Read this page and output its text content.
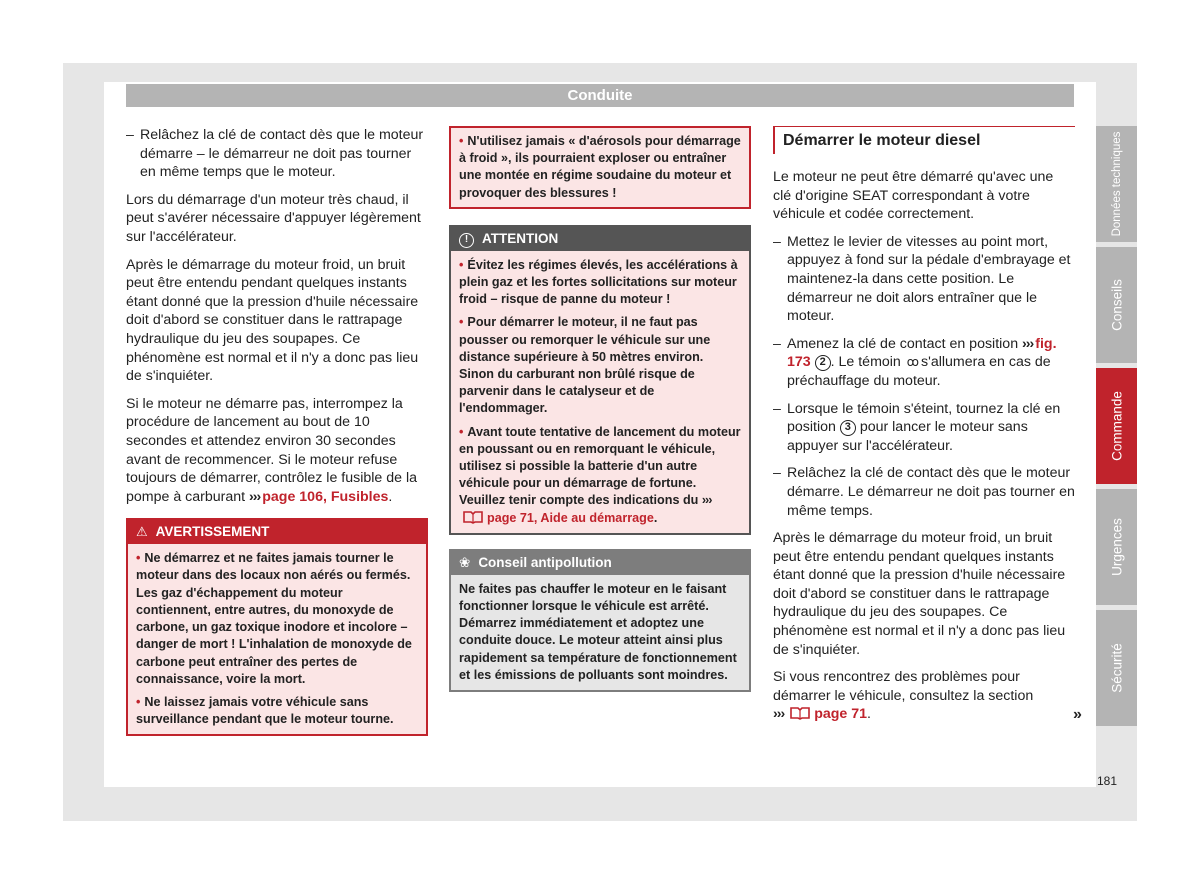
Conduite
– Relâchez la clé de contact dès que le moteur démarre – le démarreur ne doit pas tourner en même temps que le moteur.

Lors du démarrage d'un moteur très chaud, il peut s'avérer nécessaire d'appuyer légèrement sur l'accélérateur.

Après le démarrage du moteur froid, un bruit peut être entendu pendant quelques instants étant donné que la pression d'huile nécessaire doit d'abord se constituer dans le rattrapage hydraulique du jeu des soupapes. Ce phénomène est normal et il n'y a donc pas lieu de s'inquiéter.

Si le moteur ne démarre pas, interrompez la procédure de lancement au bout de 10 secondes et attendez environ 30 secondes avant de recommencer. Si le moteur refuse toujours de démarrer, contrôlez le fusible de la pompe à carburant ››› page 106, Fusibles.

⚠ AVERTISSEMENT

• Ne démarrez et ne faites jamais tourner le moteur dans des locaux non aérés ou fermés. Les gaz d'échappement du moteur contiennent, entre autres, du monoxyde de carbone, un gaz toxique inodore et incolore – danger de mort ! L'inhalation de monoxyde de carbone peut entraîner des pertes de connaissance, voire la mort.

• Ne laissez jamais votre véhicule sans surveillance pendant que le moteur tourne.

• N'utilisez jamais « d'aérosols pour démarrage à froid », ils pourraient exploser ou entraîner une montée en régime soudaine du moteur et provoquer des blessures !
! ATTENTION

• Évitez les régimes élevés, les accélérations à plein gaz et les fortes sollicitations sur moteur froid – risque de panne du moteur !

• Pour démarrer le moteur, il ne faut pas pousser ou remorquer le véhicule sur une distance supérieure à 50 mètres environ. Sinon du carburant non brûlé risque de parvenir dans le catalyseur et de l'endommager.

• Avant toute tentative de lancement du moteur en poussant ou en remorquant le véhicule, utilisez si possible la batterie d'un autre véhicule pour un démarrage de fortune. Veuillez tenir compte des indications du ›››page 71, Aide au démarrage.

❀ Conseil antipollution
Ne faites pas chauffer le moteur en le faisant fonctionner lorsque le véhicule est arrêté. Démarrez immédiatement et adoptez une conduite douce. Le moteur atteint ainsi plus rapidement sa température de fonctionnement et les émissions de polluants sont moindres.
Démarrer le moteur diesel

Le moteur ne peut être démarré qu'avec une clé d'origine SEAT correspondant à votre véhicule et codée correctement.

– Mettez le levier de vitesses au point mort, appuyez à fond sur la pédale d'embrayage et maintenez-la dans cette position. Le démarreur ne doit alors entraîner que le moteur.
– Amenez la clé de contact en position ››› fig. 173 2 . Le témoin ꝏ s'allumera en cas de préchauffage du moteur.
– Lorsque le témoin s'éteint, tournez la clé en position 3 pour lancer le moteur sans appuyer sur l'accélérateur.
– Relâchez la clé de contact dès que le moteur démarre. Le démarreur ne doit pas tourner en même temps.

Après le démarrage du moteur froid, un bruit peut être entendu pendant quelques instants étant donné que la pression d'huile nécessaire doit d'abord se constituer dans le rattrapage hydraulique du jeu des soupapes. Ce phénomène est normal et il n'y a donc pas lieu de s'inquiéter.

Si vous rencontrez des problèmes pour démarrer le véhicule, consultez la section
››› page 71.	»
Données techniques
Conseils
Commande
Urgences
Sécurité
181
